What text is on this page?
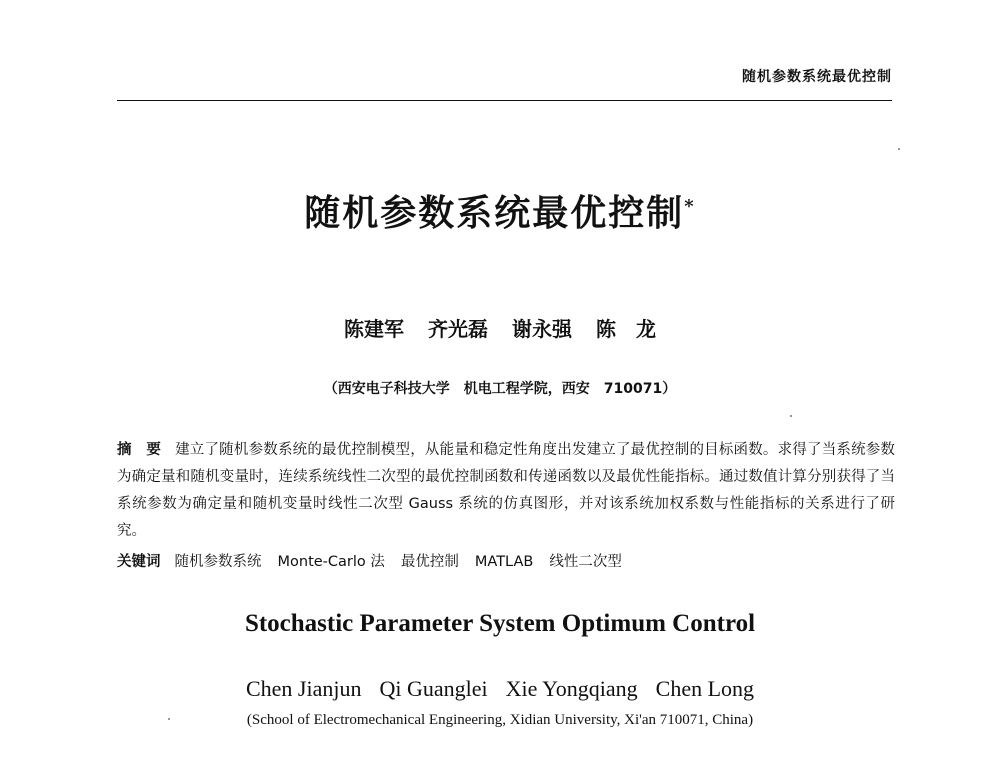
随机参数系统最优控制
随机参数系统最优控制*
陈建军 齐光磊 谢永强 陈　龙
（西安电子科技大学　机电工程学院，西安　710071）
摘　要 建立了随机参数系统的最优控制模型，从能量和稳定性角度出发建立了最优控制的目标函数。求得了当系统参数为确定量和随机变量时，连续系统线性二次型的最优控制函数和传递函数以及最优性能指标。通过数值计算分别获得了当系统参数为确定量和随机变量时线性二次型 Gauss 系统的仿真图形，并对该系统加权系数与性能指标的关系进行了研究。
关键词 随机参数系统 Monte-Carlo 法 最优控制 MATLAB 线性二次型
Stochastic Parameter System Optimum Control
Chen Jianjun Qi Guanglei Xie Yongqiang Chen Long
(School of Electromechanical Engineering, Xidian University, Xi'an 710071, China)
